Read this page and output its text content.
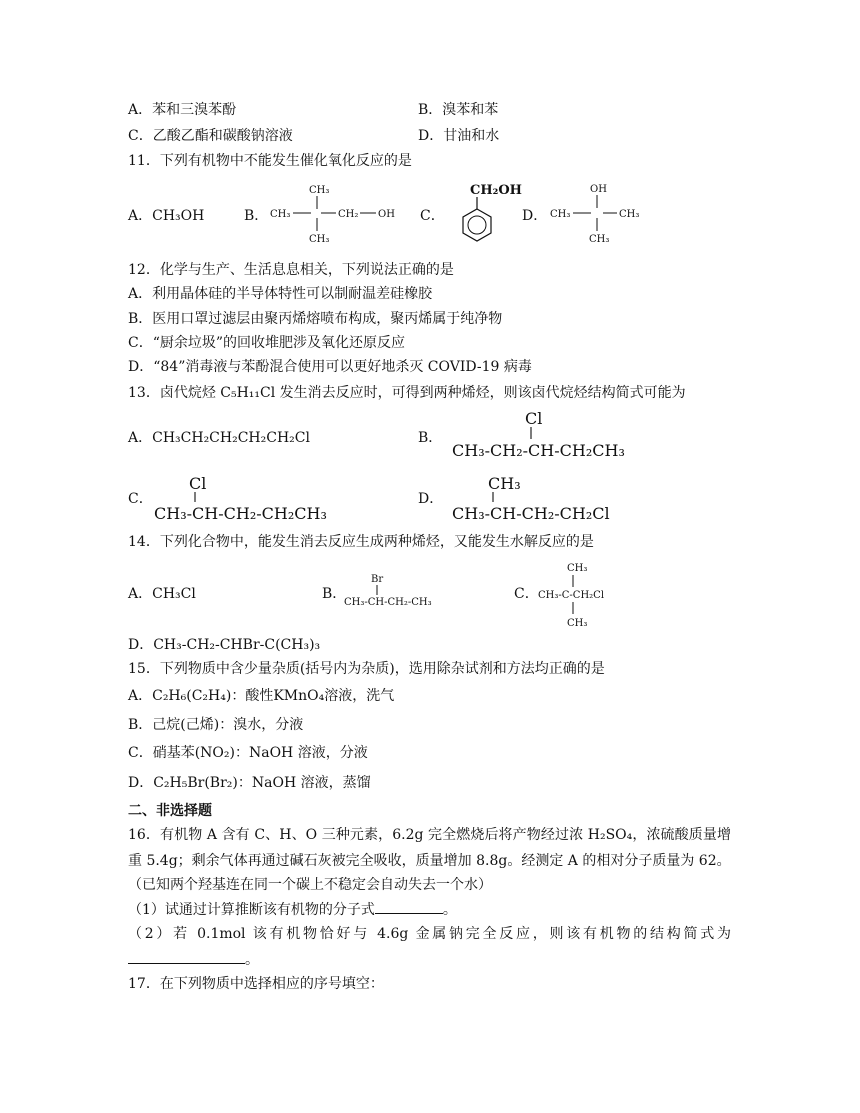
A．苯和三溴苯酚	B．溴苯和苯
C．乙酸乙酯和碳酸钠溶液	D．甘油和水
11．下列有机物中不能发生催化氧化反应的是
A．CH₃OH	B．
CH₃
CH₃	CH₂ OH
CH₃
C．
CH₂OH
D．
OH
CH₃	CH₃
CH₃
12．化学与生产、生活息息相关，下列说法正确的是
A．利用晶体硅的半导体特性可以制耐温差硅橡胶
B．医用口罩过滤层由聚丙烯熔喷布构成，聚丙烯属于纯净物
C．“厨余垃圾”的回收堆肥涉及氧化还原反应
D．“84”消毒液与苯酚混合使用可以更好地杀灭 COVID-19 病毒
13．卤代烷烃 C₅H₁₁Cl 发生消去反应时，可得到两种烯烃，则该卤代烷烃结构简式可能为
A．CH₃CH₂CH₂CH₂CH₂Cl	B．
Cl
CH₃-CH₂-CH-CH₂CH₃
C．
Cl
CH₃-CH-CH₂-CH₂CH₃
D．
CH₃
CH₃-CH-CH₂-CH₂Cl
14．下列化合物中，能发生消去反应生成两种烯烃，又能发生水解反应的是
A．CH₃Cl	B．
Br
CH₃-CH-CH₂-CH₃
C．
CH₃
CH₃-C-CH₂Cl
CH₃
D．CH₃-CH₂-CHBr-C(CH₃)₃
15．下列物质中含少量杂质(括号内为杂质)，选用除杂试剂和方法均正确的是
A．C₂H₆(C₂H₄)：酸性KMnO₄溶液，洗气
B．己烷(己烯)：溴水，分液
C．硝基苯(NO₂)：NaOH 溶液，分液
D．C₂H₅Br(Br₂)：NaOH 溶液，蒸馏
二、非选择题
16．有机物 A 含有 C、H、O 三种元素，6.2g 完全燃烧后将产物经过浓 H₂SO₄，浓硫酸质量增
重 5.4g；剩余气体再通过碱石灰被完全吸收，质量增加 8.8g。经测定 A 的相对分子质量为 62。
（已知两个羟基连在同一个碳上不稳定会自动失去一个水）
（1）试通过计算推断该有机物的分子式	。
（2）若 0.1mol 该有机物恰好与 4.6g 金属钠完全反应，则该有机物的结构简式为
。
17．在下列物质中选择相应的序号填空：
